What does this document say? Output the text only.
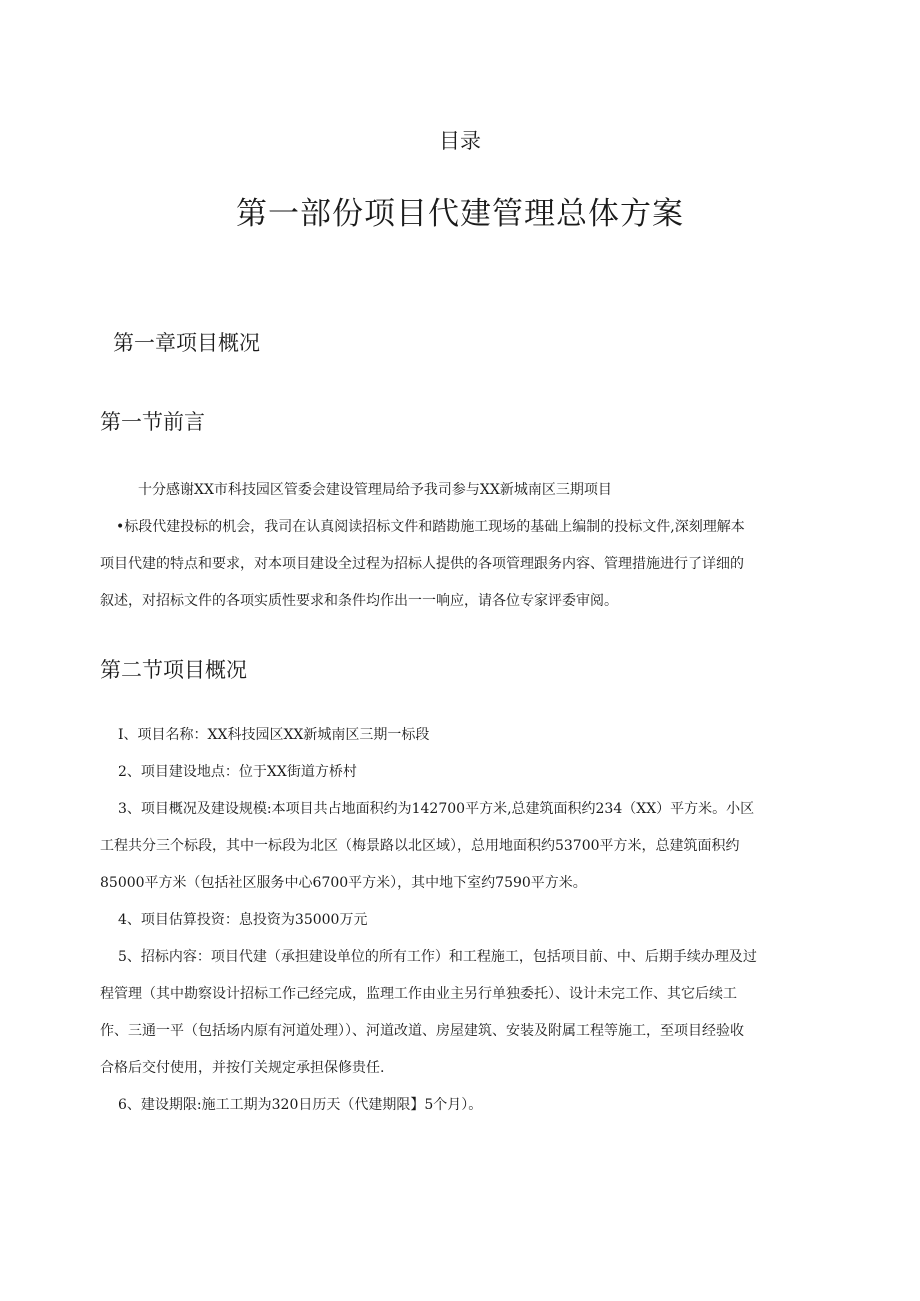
目录
第一部份项目代建管理总体方案
第一章项目概况
第一节前言
十分感谢XX市科技园区管委会建设管理局给予我司参与XX新城南区三期项目
•标段代建投标的机会，我司在认真阅读招标文件和踏勘施工现场的基础上编制的投标文件,深刻理解本
项目代建的特点和要求，对本项目建设全过程为招标人提供的各项管理跟务内容、管理措施进行了详细的
叙述，对招标文件的各项实质性要求和条件均作出一一响应，请各位专家评委审阅。
第二节项目概况
I、项目名称：XX科技园区XX新城南区三期一标段
2、项目建设地点：位于XX街道方桥村
3、项目概况及建设规模:本项目共占地面积约为142700平方米,总建筑面积约234（XX）平方米。小区
工程共分三个标段，其中一标段为北区（梅景路以北区域），总用地面积约53700平方米，总建筑面积约
85000平方米（包括社区服务中心6700平方米），其中地下室约7590平方米。
4、项目估算投资：息投资为35000万元
5、招标内容：项目代建（承担建设单位的所有工作）和工程施工，包括项目前、中、后期手续办理及过
程管理（其中勘察设计招标工作己经完成，监理工作由业主另行单独委托）、设计未完工作、其它后续工
作、三通一平（包括场内原有河道处理））、河道改道、房屋建筑、安装及附属工程等施工，至项目经验收
合格后交付使用，并按仃关规定承担保修贵任.
6、建设期限:施工工期为320日历天（代建期限】5个月）。
